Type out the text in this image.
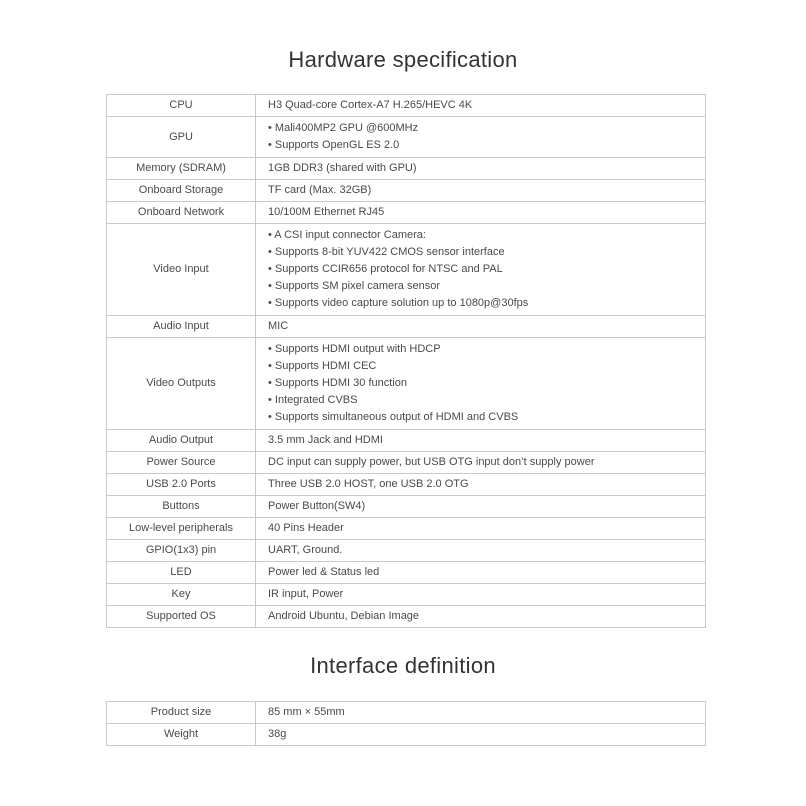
Hardware specification
CPU	H3 Quad-core Cortex-A7 H.265/HEVC 4K

GPU	• Mali400MP2 GPU @600MHz
• Supports OpenGL ES 2.0

Memory (SDRAM)	1GB DDR3 (shared with GPU)

Onboard Storage	TF card (Max. 32GB)

Onboard Network	10/100M Ethernet RJ45

Video Input	• A CSI input connector Camera:
• Supports 8-bit YUV422 CMOS sensor interface
• Supports CCIR656 protocol for NTSC and PAL
• Supports SM pixel camera sensor
• Supports video capture solution up to 1080p@30fps

Audio Input	MIC

Video Outputs	• Supports HDMI output with HDCP
• Supports HDMI CEC
• Supports HDMI 30 function
• Integrated CVBS
• Supports simultaneous output of HDMI and CVBS

Audio Output	3.5 mm Jack and HDMI

Power Source	DC input can supply power, but USB OTG input don’t supply power

USB 2.0 Ports	Three USB 2.0 HOST, one USB 2.0 OTG

Buttons	Power Button(SW4)

Low-level peripherals	40 Pins Header

GPIO(1x3) pin	UART, Ground.

LED	Power led & Status led

Key	IR input, Power

Supported OS	Android Ubuntu, Debian Image
Interface definition
Product size	85 mm × 55mm

Weight	38g
